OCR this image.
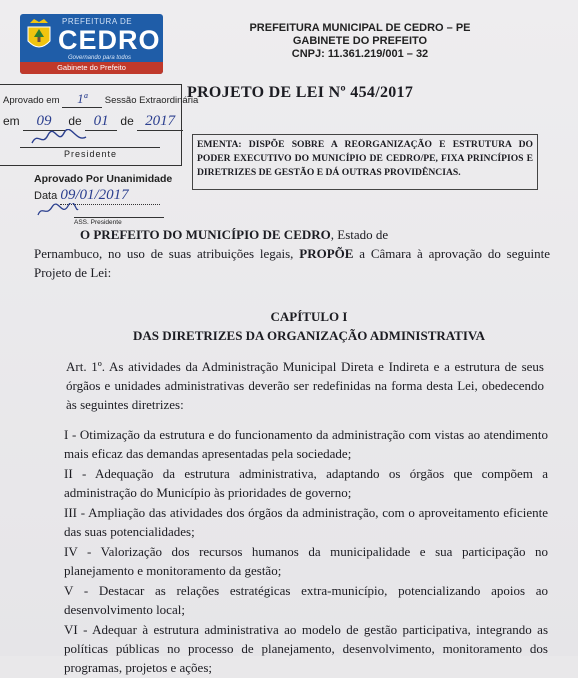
PREFEITURA DE
CEDRO
Governando para todos
Gabinete do Prefeito
PREFEITURA MUNICIPAL DE CEDRO – PE
GABINETE DO PREFEITO
CNPJ: 11.361.219/001 – 32
Aprovado em 1ª Sessão Extraordinária
em 09 de 01 de 2017
Presidente
Aprovado Por Unanimidade
Data 09/01/2017
ASS. Presidente
PROJETO DE LEI Nº 454/2017
EMENTA: DISPÕE SOBRE A REORGANIZAÇÃO E ESTRUTURA DO PODER EXECUTIVO DO MUNICÍPIO DE CEDRO/PE, FIXA PRINCÍPIOS E DIRETRIZES DE GESTÃO E DÁ OUTRAS PROVIDÊNCIAS.
O PREFEITO DO MUNICÍPIO DE CEDRO, Estado de
Pernambuco, no uso de suas atribuições legais, PROPÕE a Câmara à aprovação do seguinte Projeto de Lei:
CAPÍTULO I
DAS DIRETRIZES DA ORGANIZAÇÃO ADMINISTRATIVA
Art. 1º. As atividades da Administração Municipal Direta e Indireta e a estrutura de seus órgãos e unidades administrativas deverão ser redefinidas na forma desta Lei, obedecendo às seguintes diretrizes:

I - Otimização da estrutura e do funcionamento da administração com vistas ao atendimento mais eficaz das demandas apresentadas pela sociedade;

II - Adequação da estrutura administrativa, adaptando os órgãos que compõem a administração do Município às prioridades de governo;

III - Ampliação das atividades dos órgãos da administração, com o aproveitamento eficiente das suas potencialidades;

IV - Valorização dos recursos humanos da municipalidade e sua participação no planejamento e monitoramento da gestão;

V - Destacar as relações estratégicas extra-município, potencializando apoios ao desenvolvimento local;

VI - Adequar à estrutura administrativa ao modelo de gestão participativa, integrando as políticas públicas no processo de planejamento, desenvolvimento, monitoramento dos programas, projetos e ações;
